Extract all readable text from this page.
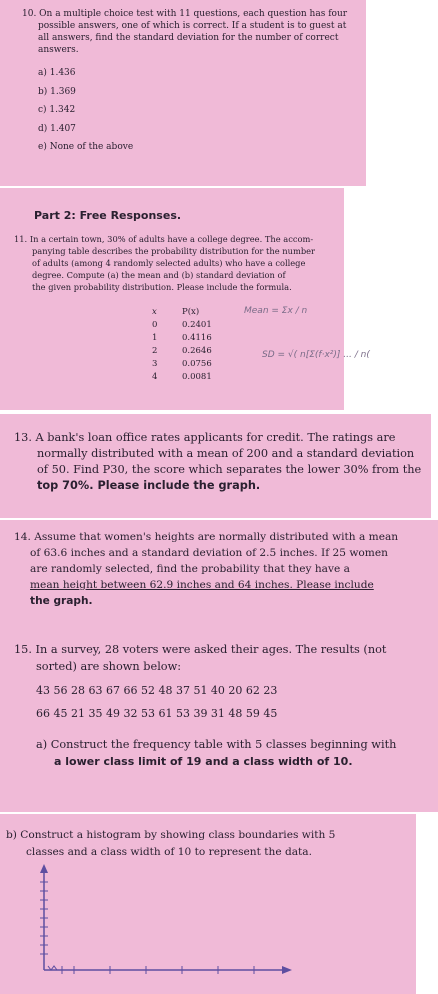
10. On a multiple choice test with 11 questions, each question has four

possible answers, one of which is correct. If a student is to guest at

all answers, find the standard deviation for the number of correct

answers.

a) 1.436

b) 1.369

c) 1.342

d) 1.407

e) None of the above

Part 2: Free Responses.

11. In a certain town, 30% of adults have a college degree. The accom-

panying table describes the probability distribution for the number

of adults (among 4 randomly selected adults) who have a college

degree. Compute (a) the mean and (b) standard deviation of

the given probability distribution. Please include the formula.

x	P(x)
0	0.2401
1	0.4116
2	0.2646
3	0.0756
4	0.0081
Mean = Σx / n
SD = √( n[Σ(f·x²)] ... / n(

13. A bank's loan office rates applicants for credit. The ratings are

normally distributed with a mean of 200 and a standard deviation

of 50. Find P30, the score which separates the lower 30% from the

top 70%. Please include the graph.

14. Assume that women's heights are normally distributed with a mean

of 63.6 inches and a standard deviation of 2.5 inches. If 25 women

are randomly selected, find the probability that they have a

mean height between 62.9 inches and 64 inches. Please include

the graph.

15. In a survey, 28 voters were asked their ages. The results (not

sorted) are shown below:

43 56 28 63 67 66 52 48 37 51 40 20 62 23

66 45 21 35 49 32 53 61 53 39 31 48 59 45

a) Construct the frequency table with 5 classes beginning with

a lower class limit of 19 and a class width of 10.

b) Construct a histogram by showing class boundaries with 5

classes and a class width of 10 to represent the data.
